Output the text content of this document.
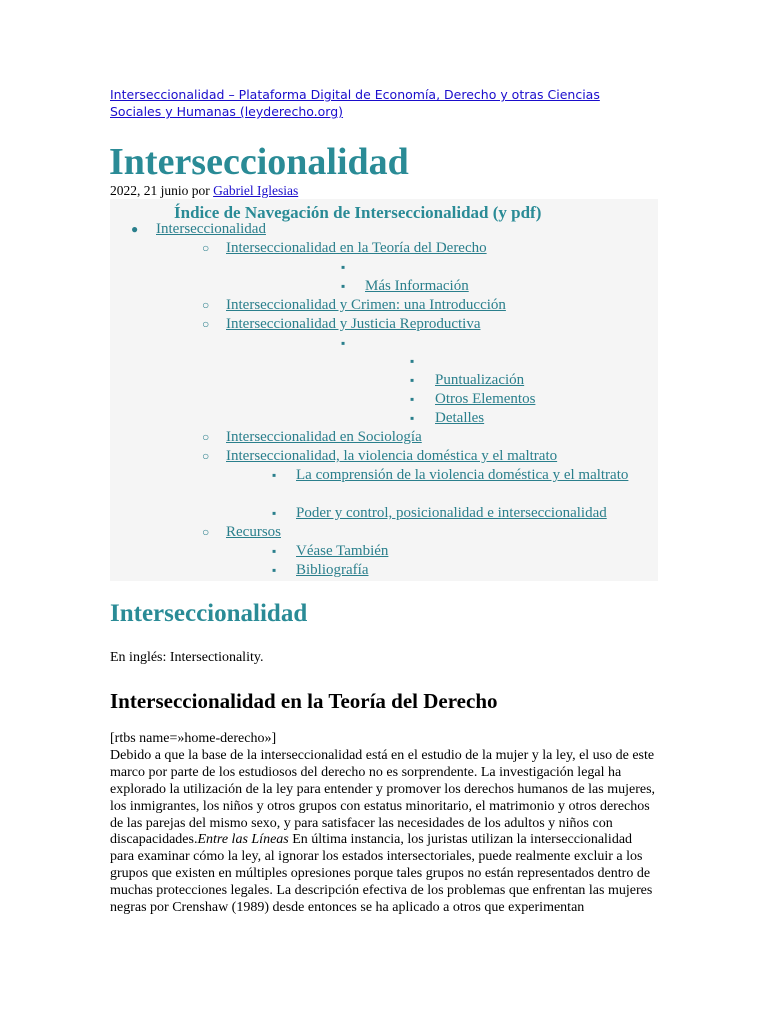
Interseccionalidad – Plataforma Digital de Economía, Derecho y otras Ciencias Sociales y Humanas (leyderecho.org)
Interseccionalidad
2022, 21 junio por Gabriel Iglesias
Índice de Navegación de Interseccionalidad (y pdf)
● Interseccionalidad
○ Interseccionalidad en la Teoría del Derecho
▪
▪ Más Información
○ Interseccionalidad y Crimen: una Introducción
○ Interseccionalidad y Justicia Reproductiva
▪
▪
▪ Puntualización
▪ Otros Elementos
▪ Detalles
○ Interseccionalidad en Sociología
○ Interseccionalidad, la violencia doméstica y el maltrato
▪ La comprensión de la violencia doméstica y el maltrato
▪ Poder y control, posicionalidad e interseccionalidad
○ Recursos
▪ Véase También
▪ Bibliografía
Interseccionalidad
En inglés: Intersectionality.
Interseccionalidad en la Teoría del Derecho
[rtbs name=»home-derecho»]
Debido a que la base de la interseccionalidad está en el estudio de la mujer y la ley, el uso de este marco por parte de los estudiosos del derecho no es sorprendente. La investigación legal ha explorado la utilización de la ley para entender y promover los derechos humanos de las mujeres, los inmigrantes, los niños y otros grupos con estatus minoritario, el matrimonio y otros derechos de las parejas del mismo sexo, y para satisfacer las necesidades de los adultos y niños con discapacidades.Entre las Líneas En última instancia, los juristas utilizan la interseccionalidad para examinar cómo la ley, al ignorar los estados intersectoriales, puede realmente excluir a los grupos que existen en múltiples opresiones porque tales grupos no están representados dentro de muchas protecciones legales. La descripción efectiva de los problemas que enfrentan las mujeres negras por Crenshaw (1989) desde entonces se ha aplicado a otros que experimentan
